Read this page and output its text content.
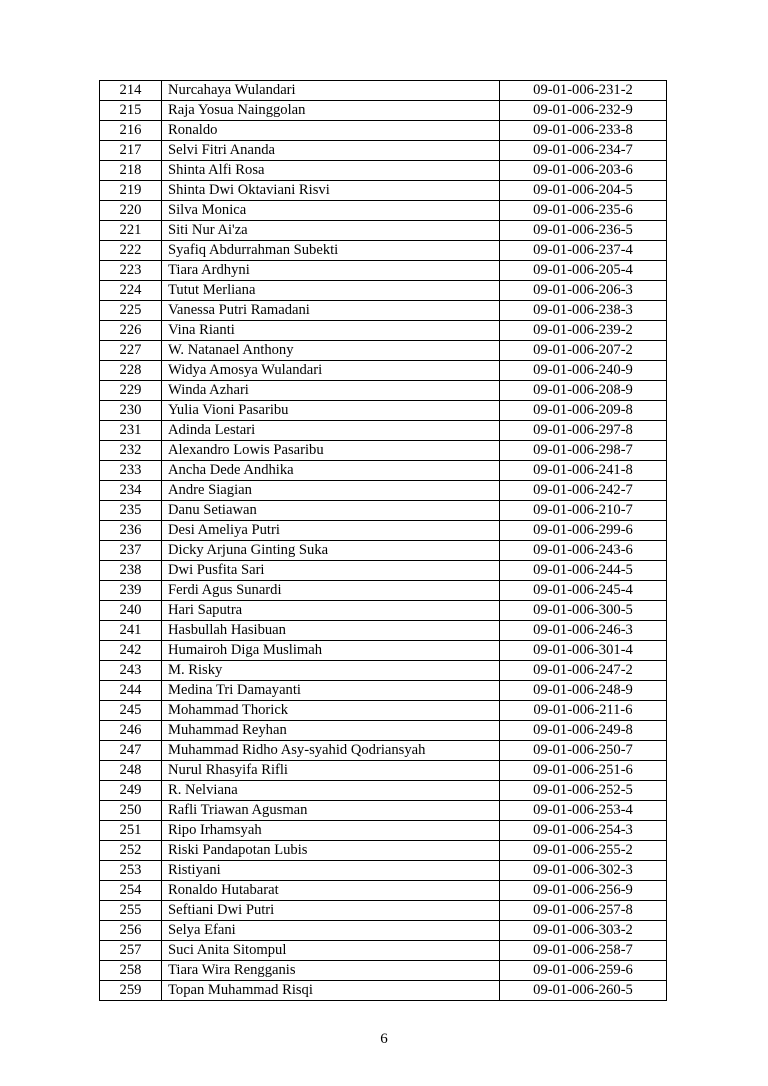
214	Nurcahaya Wulandari	09-01-006-231-2
215	Raja Yosua Nainggolan	09-01-006-232-9
216	Ronaldo	09-01-006-233-8
217	Selvi Fitri Ananda	09-01-006-234-7
218	Shinta Alfi Rosa	09-01-006-203-6
219	Shinta Dwi Oktaviani Risvi	09-01-006-204-5
220	Silva Monica	09-01-006-235-6
221	Siti Nur Ai'za	09-01-006-236-5
222	Syafiq Abdurrahman Subekti	09-01-006-237-4
223	Tiara Ardhyni	09-01-006-205-4
224	Tutut Merliana	09-01-006-206-3
225	Vanessa Putri Ramadani	09-01-006-238-3
226	Vina Rianti	09-01-006-239-2
227	W. Natanael Anthony	09-01-006-207-2
228	Widya Amosya Wulandari	09-01-006-240-9
229	Winda Azhari	09-01-006-208-9
230	Yulia Vioni Pasaribu	09-01-006-209-8
231	Adinda Lestari	09-01-006-297-8
232	Alexandro Lowis Pasaribu	09-01-006-298-7
233	Ancha Dede Andhika	09-01-006-241-8
234	Andre Siagian	09-01-006-242-7
235	Danu Setiawan	09-01-006-210-7
236	Desi Ameliya Putri	09-01-006-299-6
237	Dicky Arjuna Ginting Suka	09-01-006-243-6
238	Dwi Pusfita Sari	09-01-006-244-5
239	Ferdi Agus Sunardi	09-01-006-245-4
240	Hari Saputra	09-01-006-300-5
241	Hasbullah Hasibuan	09-01-006-246-3
242	Humairoh Diga Muslimah	09-01-006-301-4
243	M. Risky	09-01-006-247-2
244	Medina Tri Damayanti	09-01-006-248-9
245	Mohammad Thorick	09-01-006-211-6
246	Muhammad Reyhan	09-01-006-249-8
247	Muhammad Ridho Asy-syahid Qodriansyah	09-01-006-250-7
248	Nurul Rhasyifa Rifli	09-01-006-251-6
249	R. Nelviana	09-01-006-252-5
250	Rafli Triawan Agusman	09-01-006-253-4
251	Ripo Irhamsyah	09-01-006-254-3
252	Riski Pandapotan Lubis	09-01-006-255-2
253	Ristiyani	09-01-006-302-3
254	Ronaldo Hutabarat	09-01-006-256-9
255	Seftiani Dwi Putri	09-01-006-257-8
256	Selya Efani	09-01-006-303-2
257	Suci Anita Sitompul	09-01-006-258-7
258	Tiara Wira Rengganis	09-01-006-259-6
259	Topan Muhammad Risqi	09-01-006-260-5
6
